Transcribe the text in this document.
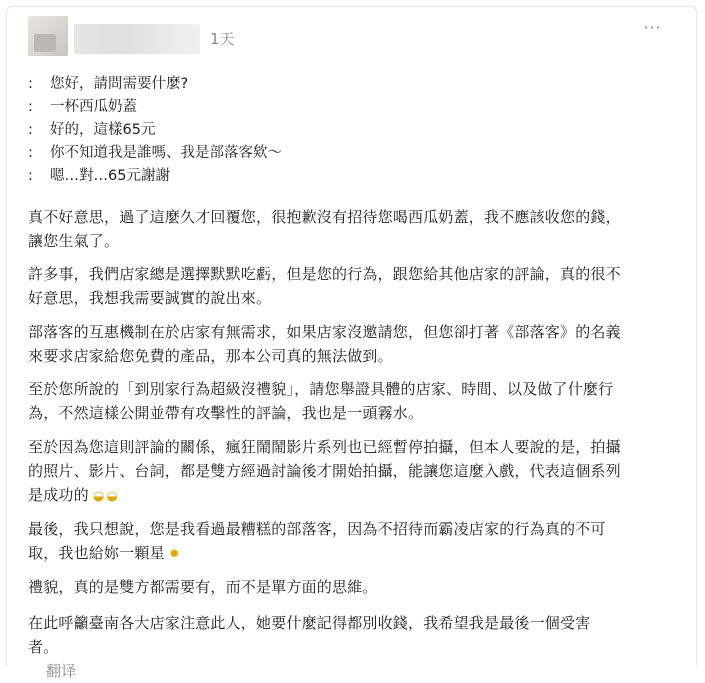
1天
⋯
: 您好，請問需要什麼?
: 一杯西瓜奶蓋
: 好的，這樣65元
: 你不知道我是誰嗎、我是部落客欸～
: 嗯…對…65元謝謝
真不好意思，過了這麼久才回覆您，很抱歉沒有招待您喝西瓜奶蓋，我不應該收您的錢，
讓您生氣了。
許多事，我們店家總是選擇默默吃虧，但是您的行為，跟您給其他店家的評論，真的很不
好意思，我想我需要誠實的說出來。
部落客的互惠機制在於店家有無需求，如果店家沒邀請您，但您卻打著《部落客》的名義
來要求店家給您免費的產品，那本公司真的無法做到。
至於您所說的「到別家行為超級沒禮貌」，請您舉證具體的店家、時間、以及做了什麼行
為，不然這樣公開並帶有攻擊性的評論，我也是一頭霧水。
至於因為您這則評論的關係，瘋狂鬧鬧影片系列也已經暫停拍攝，但本人要說的是，拍攝
的照片、影片、台詞，都是雙方經過討論後才開始拍攝，能讓您這麼入戲，代表這個系列
是成功的 ◒ ◒
最後，我只想說，您是我看過最糟糕的部落客，因為不招待而霸凌店家的行為真的不可
取，我也給妳一顆星 ✹
禮貌，真的是雙方都需要有，而不是單方面的思維。
在此呼籲臺南各大店家注意此人，她要什麼記得都別收錢，我希望我是最後一個受害
者。
翻译
